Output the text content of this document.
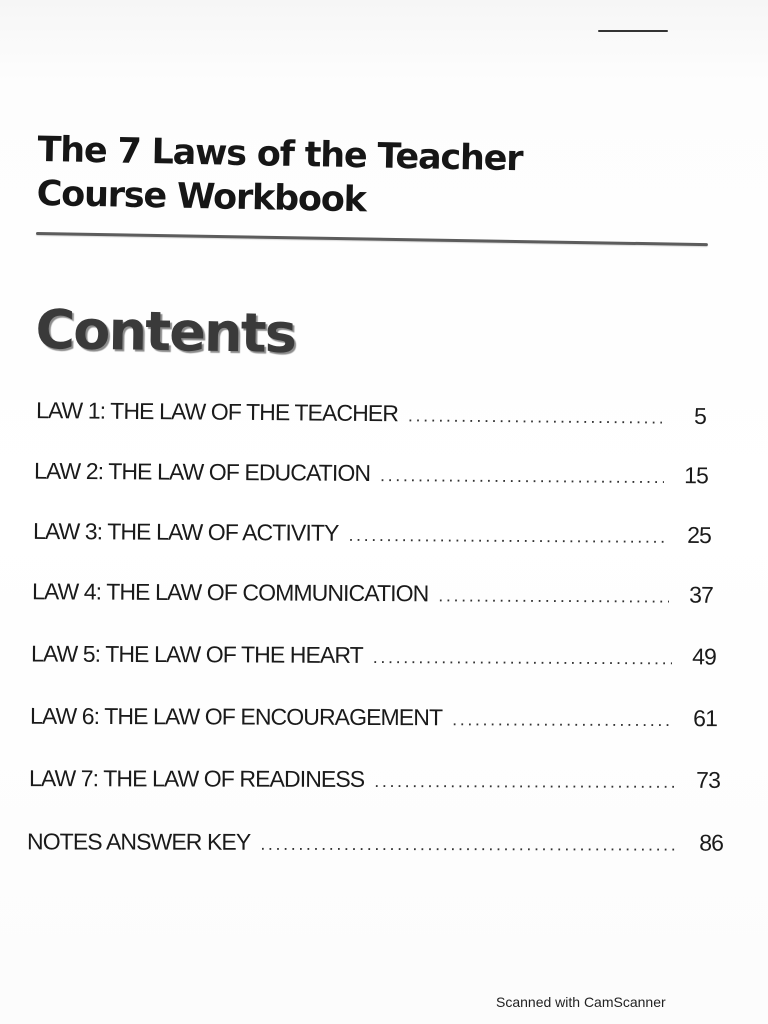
The 7 Laws of the Teacher
Course Workbook
Contents
LAW 1: THE LAW OF THE TEACHER .....	5
LAW 2: THE LAW OF EDUCATION .....	15
LAW 3: THE LAW OF ACTIVITY .....	25
LAW 4: THE LAW OF COMMUNICATION .....	37
LAW 5: THE LAW OF THE HEART .....	49
LAW 6: THE LAW OF ENCOURAGEMENT .....	61
LAW 7: THE LAW OF READINESS .....	73
NOTES ANSWER KEY .....	86
Scanned with CamScanner
